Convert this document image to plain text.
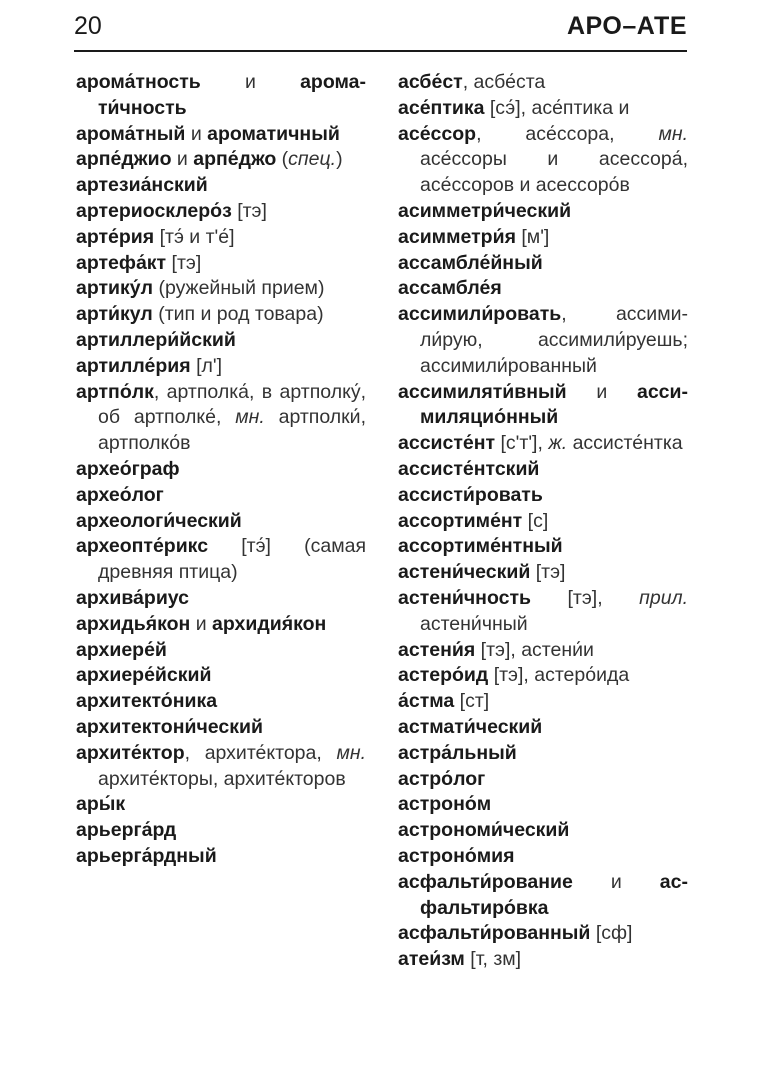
20	АРО–АТЕ

арома́тность и аромати́чность

арома́тный и ароматичный

арпе́джио и арпе́джо (спец.)

артезиа́нский

артериосклеро́з [тэ]

арте́рия [тэ́ и т'е́]

артефа́кт [тэ]

артику́л (ружейный прием)

арти́кул (тип и род товара)

артиллери́йский

артилле́рия [л']

артпо́лк, артполка́, в артполку́, об артполке́, мн. артполки́, артполко́в

архео́граф

архео́лог

археологи́ческий

археопте́рикс [тэ́] (самая древняя птица)

архива́риус

архидья́кон и архидия́кон

архиере́й

архиере́йский

архитекто́ника

архитектони́ческий

архите́ктор, архите́ктора, мн. архите́кторы, архите́кторов

ары́к

арьерга́рд

арьерга́рдный

асбе́ст, асбе́ста

асе́птика [сэ́], асе́птика и

асе́ссор, асе́ссора, мн. асе́ссоры и асессора́, асе́ссоров и асессоро́в

асимметри́ческий

асимметри́я [м']

ассамбле́йный

ассамбле́я

ассимили́ровать, ассимили́рую, ассимили́руешь; ассимили́рованный

ассимиляти́вный и ассимиляцио́нный

ассисте́нт [с'т'], ж. ассисте́нтка

ассисте́нтский

ассисти́ровать

ассортиме́нт [с]

ассортиме́нтный

астени́ческий [тэ]

астени́чность [тэ], прил. астени́чный

астени́я [тэ], астени́и

астеро́ид [тэ], астеро́ида

а́стма [ст]

астмати́ческий

астра́льный

астро́лог

астроно́м

астрономи́ческий

астроно́мия

асфальти́рование и асфальтиро́вка

асфальти́рованный [сф]

атеи́зм [т, зм]
